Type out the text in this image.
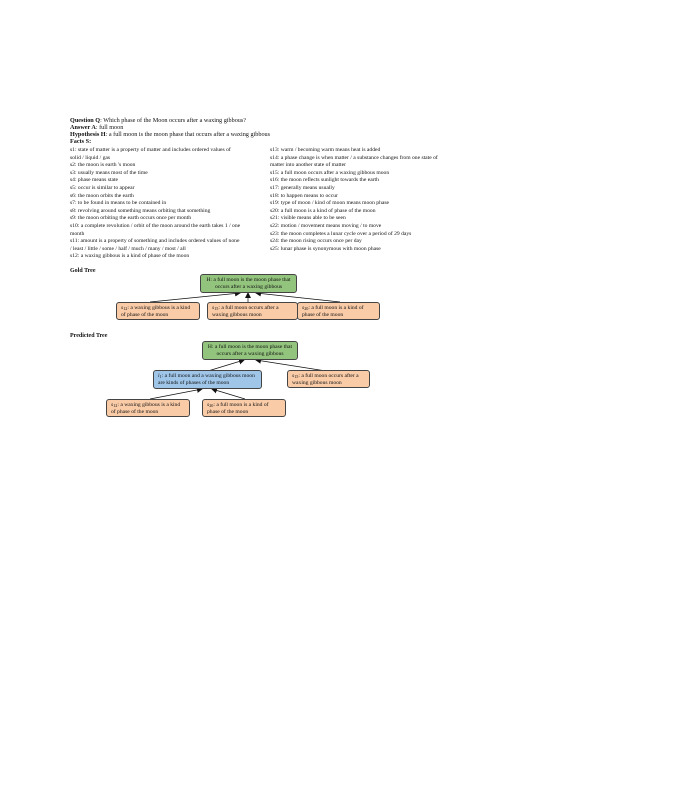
Question Q: Which phase of the Moon occurs after a waxing gibbous?
Answer A: full moon
Hypothesis H: a full moon is the moon phase that occurs after a waxing gibbous
Facts S:
s1: state of matter is a property of matter and includes ordered values of
solid / liquid / gas
s2: the moon is earth 's moon
s3: usually means most of the time
s4: phase means state
s5: occur is similar to appear
s6: the moon orbits the earth
s7: to be found in means to be contained in
s8: revolving around something means orbiting that something
s9: the moon orbiting the earth occurs once per month
s10: a complete revolution / orbit of the moon around the earth takes 1 / one
month
s11: amount is a property of something and includes ordered values of none
/ least / little / some / half / much / many / most / all
s12: a waxing gibbous is a kind of phase of the moon
s13: warm / becoming warm means heat is added
s14: a phase change is when matter / a substance changes from one state of
matter into another state of matter
s15: a full moon occurs after a waxing gibbous moon
s16: the moon reflects sunlight towards the earth
s17: generally means usually
s18: to happen means to occur
s19: type of moon / kind of moon means moon phase
s20: a full moon is a kind of phase of the moon
s21: visible means able to be seen
s22: motion / movement means moving / to move
s23: the moon completes a lunar cycle over a period of 29 days
s24: the moon rising occurs once per day
s25: lunar phase is synonymous with moon phase
Gold Tree
H: a full moon is the moon phase that occurs after a waxing gibbous
$s_{12}$: a waxing gibbous is a kind of phase of the moon
$s_{15}$: a full moon occurs after a waxing gibbous moon
$s_{20}$: a full moon is a kind of phase of the moon
Predicted Tree
H: a full moon is the moon phase that occurs after a waxing gibbous
$i_1$: a full moon and a waxing gibbous moon are kinds of phases of the moon
$s_{15}$: a full moon occurs after a waxing gibbous moon
$s_{12}$: a waxing gibbous is a kind of phase of the moon
$s_{20}$: a full moon is a kind of phase of the moon
